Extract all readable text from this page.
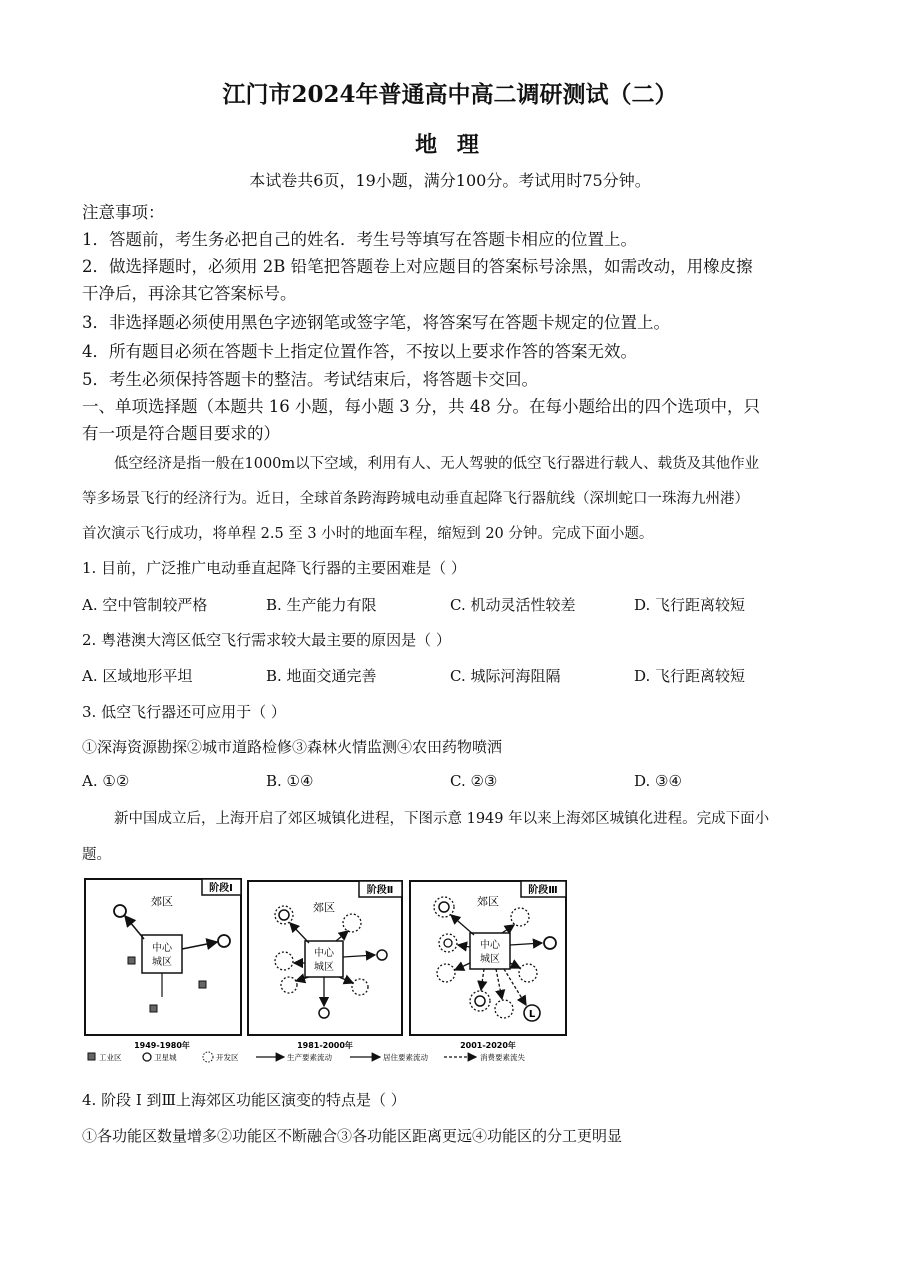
江门市2024年普通高中高二调研测试（二）
地 理
本试卷共6页，19小题，满分100分。考试用时75分钟。
注意事项：
1．答题前，考生务必把自己的姓名．考生号等填写在答题卡相应的位置上。
2．做选择题时，必须用 2B 铅笔把答题卷上对应题目的答案标号涂黑，如需改动，用橡皮擦
干净后，再涂其它答案标号。
3．非选择题必须使用黑色字迹钢笔或签字笔，将答案写在答题卡规定的位置上。
4．所有题目必须在答题卡上指定位置作答，不按以上要求作答的答案无效。
5．考生必须保持答题卡的整洁。考试结束后，将答题卡交回。
一、单项选择题（本题共 16 小题，每小题 3 分，共 48 分。在每小题给出的四个选项中，只
有一项是符合题目要求的）
低空经济是指一般在1000m以下空域，利用有人、无人驾驶的低空飞行器进行载人、载货及其他作业
等多场景飞行的经济行为。近日，全球首条跨海跨城电动垂直起降飞行器航线（深圳蛇口一珠海九州港）
首次演示飞行成功，将单程 2.5 至 3 小时的地面车程，缩短到 20 分钟。完成下面小题。
1. 目前，广泛推广电动垂直起降飞行器的主要困难是（ ）
A. 空中管制较严格	B. 生产能力有限	C. 机动灵活性较差	D. 飞行距离较短
2. 粤港澳大湾区低空飞行需求较大最主要的原因是（ ）
A. 区域地形平坦	B. 地面交通完善	C. 城际河海阻隔	D. 飞行距离较短
3. 低空飞行器还可应用于（ ）
①深海资源勘探②城市道路检修③森林火情监测④农田药物喷洒
A. ①②	B. ①④	C. ②③	D. ③④
新中国成立后，上海开启了郊区城镇化进程，下图示意 1949 年以来上海郊区城镇化进程。完成下面小
题。
阶段Ⅰ
郊区
中心
城区
1949-1980年
阶段Ⅱ
郊区
中心
城区
1981-2000年
阶段Ⅲ
郊区
中心
城区
L
2001-2020年
工业区	卫星城	开发区	生产要素流动	居住要素流动	消费要素流失
4. 阶段 I 到Ⅲ上海郊区功能区演变的特点是（ ）
①各功能区数量增多②功能区不断融合③各功能区距离更远④功能区的分工更明显
